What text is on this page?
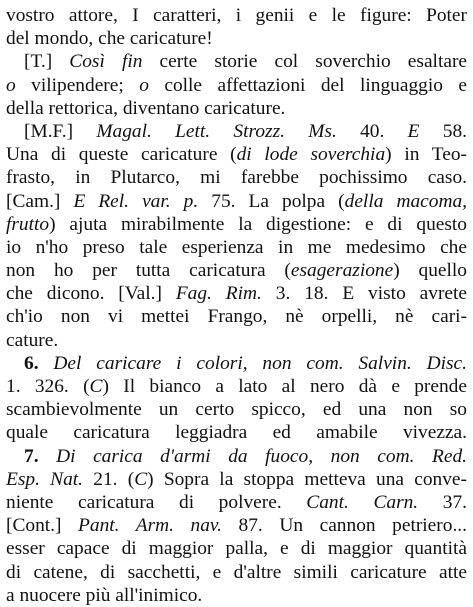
vostro attore, I caratteri, i genii e le figure: Poter
del mondo, che caricature!
[T.] Così fin certe storie col soverchio esaltare
o vilipendere; o colle affettazioni del linguaggio e
della rettorica, diventano caricature.
[M.F.] Magal. Lett. Strozz. Ms. 40. E 58.
Una di queste caricature (di lode soverchia) in Teo-
frasto, in Plutarco, mi farebbe pochissimo caso.
[Cam.] E Rel. var. p. 75. La polpa (della macoma,
frutto) ajuta mirabilmente la digestione: e di questo
io n'ho preso tale esperienza in me medesimo che
non ho per tutta caricatura (esagerazione) quello
che dicono. [Val.] Fag. Rim. 3. 18. E visto avrete
ch'io non vi mettei Frango, nè orpelli, nè cari-
cature.
6. Del caricare i colori, non com. Salvin. Disc.
1. 326. (C) Il bianco a lato al nero dà e prende
scambievolmente un certo spicco, ed una non so
quale caricatura leggiadra ed amabile vivezza.
7. Di carica d'armi da fuoco, non com. Red.
Esp. Nat. 21. (C) Sopra la stoppa metteva una conve-
niente caricatura di polvere. Cant. Carn. 37.
[Cont.] Pant. Arm. nav. 87. Un cannon petriero...
esser capace di maggior palla, e di maggior quantità
di catene, di sacchetti, e d'altre simili caricature atte
a nuocere più all'inimico.
